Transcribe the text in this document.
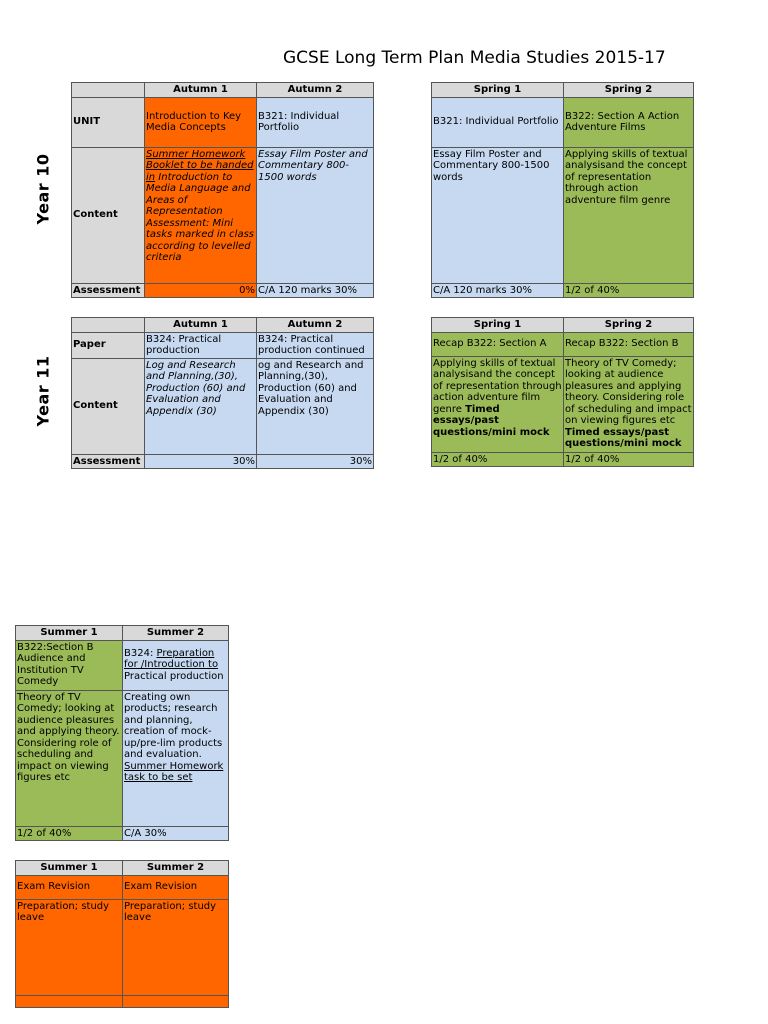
GCSE Long Term Plan Media Studies 2015-17
Year 10
Year 11
	Autumn 1	Autumn 2
UNIT	Introduction to Key Media Concepts	B321: Individual Portfolio
Content	Summer Homework Booklet to be handed in Introduction to Media Language and Areas of Representation Assessment: Mini tasks marked in class according to levelled criteria	Essay Film Poster and Commentary 800-1500 words
Assessment	0%	C/A 120 marks 30%
Spring 1	Spring 2
B321: Individual Portfolio	B322: Section A Action Adventure Films
Essay Film Poster and Commentary 800-1500 words	Applying skills of textual analysisand the concept of representation through action adventure film genre
C/A 120 marks 30%	1/2 of 40%
	Autumn 1	Autumn 2
Paper	B324: Practical production	B324: Practical production continued
Content	Log and Research and Planning,(30), Production (60) and Evaluation and Appendix (30)	og and Research and Planning,(30), Production (60) and Evaluation and Appendix (30)
Assessment	30%	30%
Spring 1	Spring 2
Recap B322: Section A	Recap B322: Section B
Applying skills of textual analysisand the concept of representation through action adventure film genre Timed essays/past questions/mini mock	Theory of TV Comedy; looking at audience pleasures and applying theory. Considering role of scheduling and impact on viewing figures etc Timed essays/past questions/mini mock
1/2 of 40%	1/2 of 40%
Summer 1	Summer 2
B322:Section B Audience and Institution TV Comedy	B324: Preparation for /Introduction to Practical production
Theory of TV Comedy; looking at audience pleasures and applying theory. Considering role of scheduling and impact on viewing figures etc	Creating own products; research and planning, creation of mock-up/pre-lim products and evaluation. Summer Homework task to be set
1/2 of 40%	C/A 30%
Summer 1	Summer 2
Exam Revision	Exam Revision
Preparation; study leave	Preparation; study leave
